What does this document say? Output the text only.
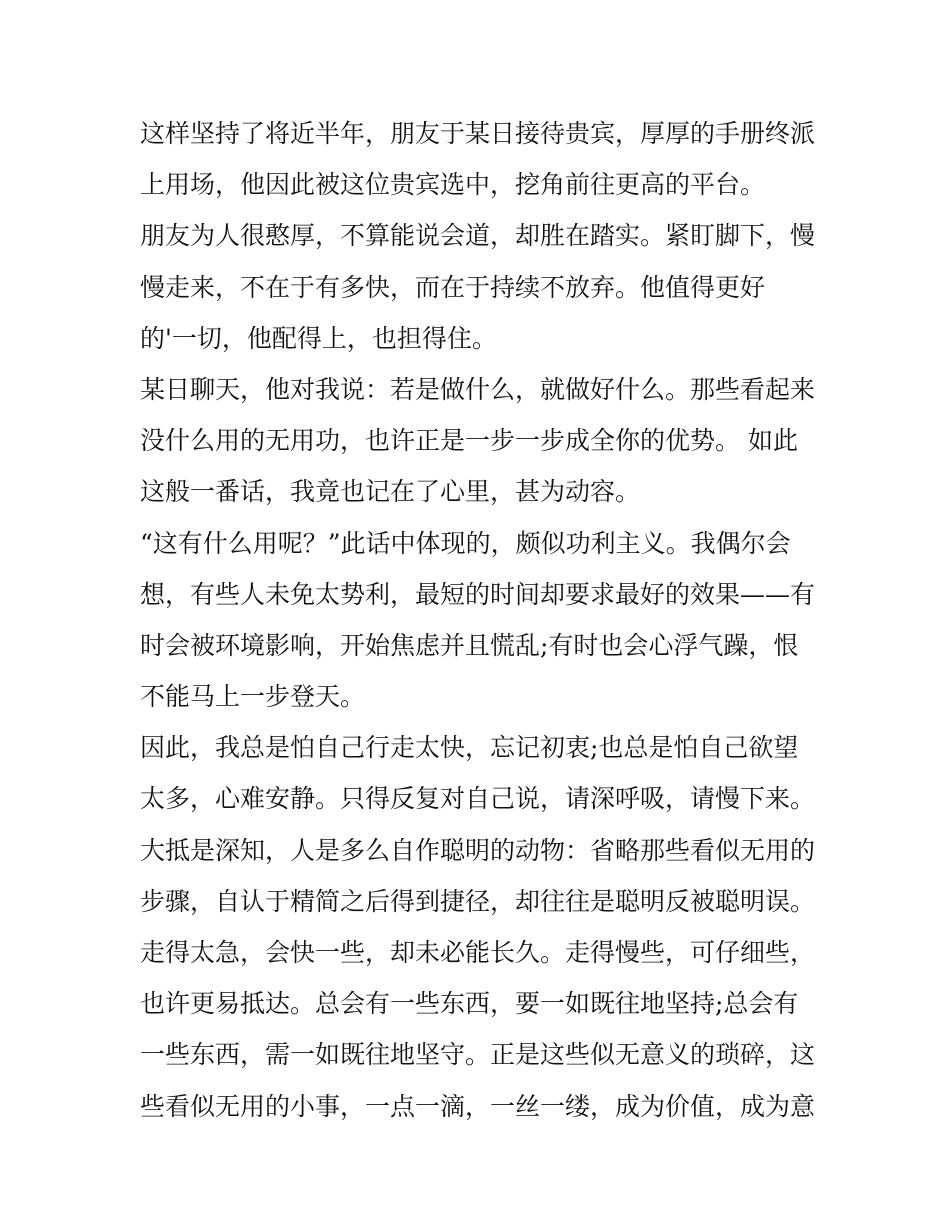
这样坚持了将近半年，朋友于某日接待贵宾，厚厚的手册终派
上用场，他因此被这位贵宾选中，挖角前往更高的平台。
朋友为人很憨厚，不算能说会道，却胜在踏实。紧盯脚下，慢
慢走来，不在于有多快，而在于持续不放弃。他值得更好
的'一切，他配得上，也担得住。
某日聊天，他对我说：若是做什么，就做好什么。那些看起来
没什么用的无用功，也许正是一步一步成全你的优势。 如此
这般一番话，我竟也记在了心里，甚为动容。
“这有什么用呢？”此话中体现的，颇似功利主义。我偶尔会
想，有些人未免太势利，最短的时间却要求最好的效果——有
时会被环境影响，开始焦虑并且慌乱;有时也会心浮气躁，恨
不能马上一步登天。
因此，我总是怕自己行走太快，忘记初衷;也总是怕自己欲望
太多，心难安静。只得反复对自己说，请深呼吸，请慢下来。
大抵是深知，人是多么自作聪明的动物：省略那些看似无用的
步骤，自认于精简之后得到捷径，却往往是聪明反被聪明误。
走得太急，会快一些，却未必能长久。走得慢些，可仔细些，
也许更易抵达。总会有一些东西，要一如既往地坚持;总会有
一些东西，需一如既往地坚守。正是这些似无意义的琐碎，这
些看似无用的小事，一点一滴，一丝一缕，成为价值，成为意
